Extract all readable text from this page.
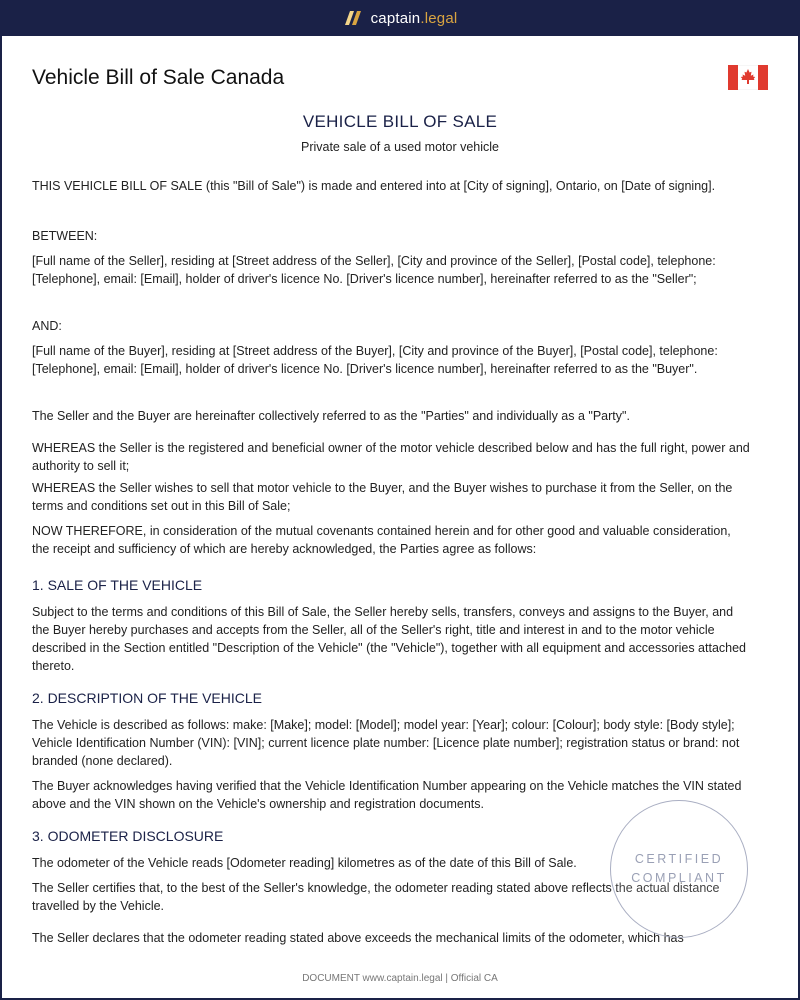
captain.legal
Vehicle Bill of Sale Canada
VEHICLE BILL OF SALE
Private sale of a used motor vehicle

THIS VEHICLE BILL OF SALE (this "Bill of Sale") is made and entered into at [City of signing], Ontario, on [Date of signing].

BETWEEN:

[Full name of the Seller], residing at [Street address of the Seller], [City and province of the Seller], [Postal code], telephone: [Telephone], email: [Email], holder of driver's licence No. [Driver's licence number], hereinafter referred to as the "Seller";

AND:

[Full name of the Buyer], residing at [Street address of the Buyer], [City and province of the Buyer], [Postal code], telephone: [Telephone], email: [Email], holder of driver's licence No. [Driver's licence number], hereinafter referred to as the "Buyer".

The Seller and the Buyer are hereinafter collectively referred to as the "Parties" and individually as a "Party".

WHEREAS the Seller is the registered and beneficial owner of the motor vehicle described below and has the full right, power and authority to sell it;

WHEREAS the Seller wishes to sell that motor vehicle to the Buyer, and the Buyer wishes to purchase it from the Seller, on the terms and conditions set out in this Bill of Sale;

NOW THEREFORE, in consideration of the mutual covenants contained herein and for other good and valuable consideration, the receipt and sufficiency of which are hereby acknowledged, the Parties agree as follows:

1. SALE OF THE VEHICLE

Subject to the terms and conditions of this Bill of Sale, the Seller hereby sells, transfers, conveys and assigns to the Buyer, and the Buyer hereby purchases and accepts from the Seller, all of the Seller's right, title and interest in and to the motor vehicle described in the Section entitled "Description of the Vehicle" (the "Vehicle"), together with all equipment and accessories attached thereto.

2. DESCRIPTION OF THE VEHICLE

The Vehicle is described as follows: make: [Make]; model: [Model]; model year: [Year]; colour: [Colour]; body style: [Body style]; Vehicle Identification Number (VIN): [VIN]; current licence plate number: [Licence plate number]; registration status or brand: not branded (none declared).

The Buyer acknowledges having verified that the Vehicle Identification Number appearing on the Vehicle matches the VIN stated above and the VIN shown on the Vehicle's ownership and registration documents.

3. ODOMETER DISCLOSURE

The odometer of the Vehicle reads [Odometer reading] kilometres as of the date of this Bill of Sale.

The Seller certifies that, to the best of the Seller's knowledge, the odometer reading stated above reflects the actual distance travelled by the Vehicle.

The Seller declares that the odometer reading stated above exceeds the mechanical limits of the odometer, which has

CERTIFIED
COMPLIANT
DOCUMENT www.captain.legal | Official CA
